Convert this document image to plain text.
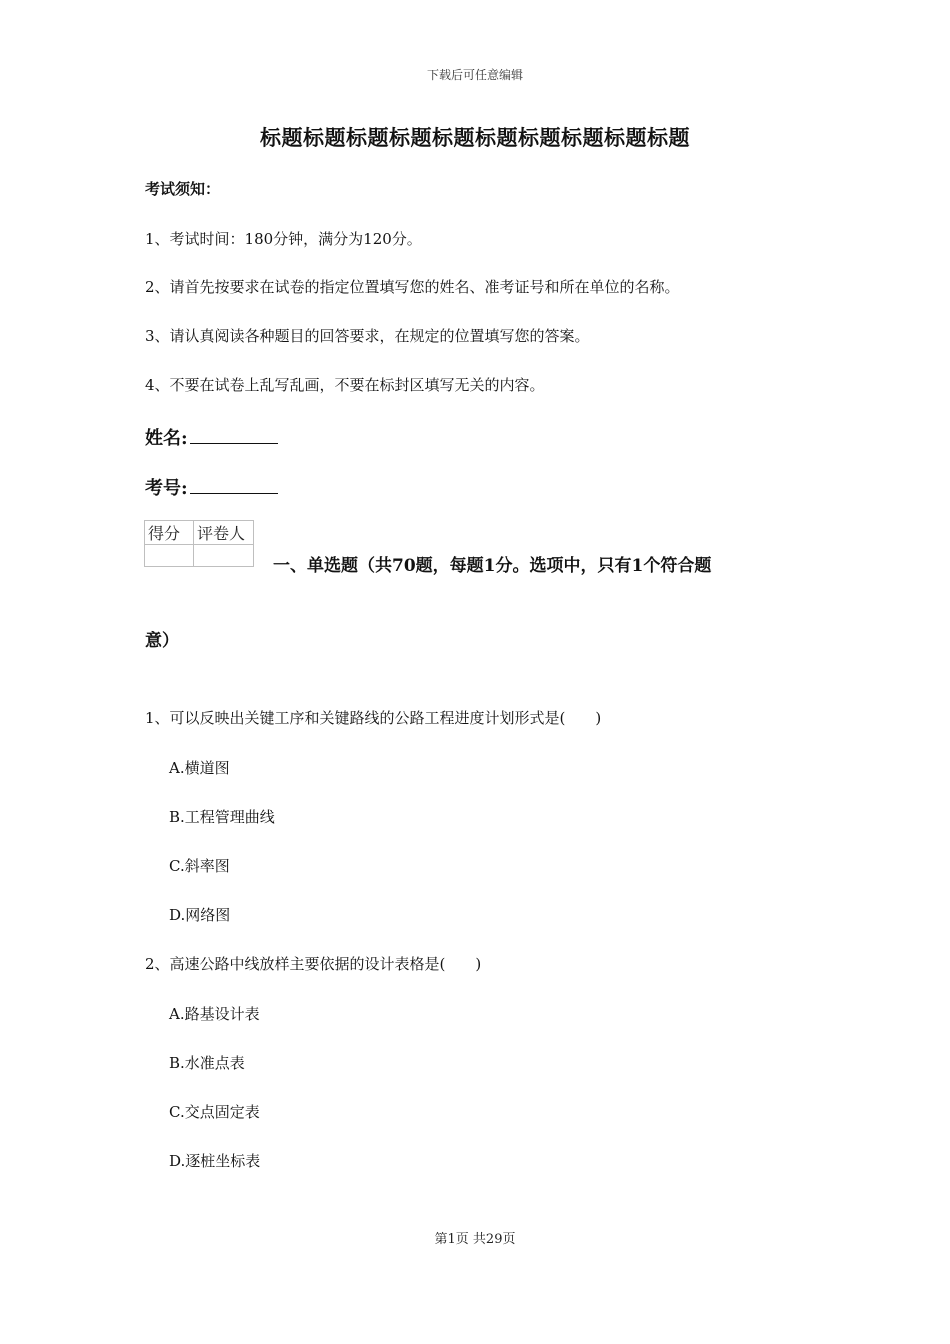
下载后可任意编辑
标题标题标题标题标题标题标题标题标题标题
考试须知：
1、考试时间：180分钟，满分为120分。
2、请首先按要求在试卷的指定位置填写您的姓名、准考证号和所在单位的名称。
3、请认真阅读各种题目的回答要求，在规定的位置填写您的答案。
4、不要在试卷上乱写乱画，不要在标封区填写无关的内容。
姓名:
考号:
得分	评卷人

一、单选题（共70题，每题1分。选项中，只有1个符合题
意）
1、可以反映出关键工序和关键路线的公路工程进度计划形式是(　　)
A.横道图
B.工程管理曲线
C.斜率图
D.网络图
2、高速公路中线放样主要依据的设计表格是(　　)
A.路基设计表
B.水准点表
C.交点固定表
D.逐桩坐标表
第1页 共29页
